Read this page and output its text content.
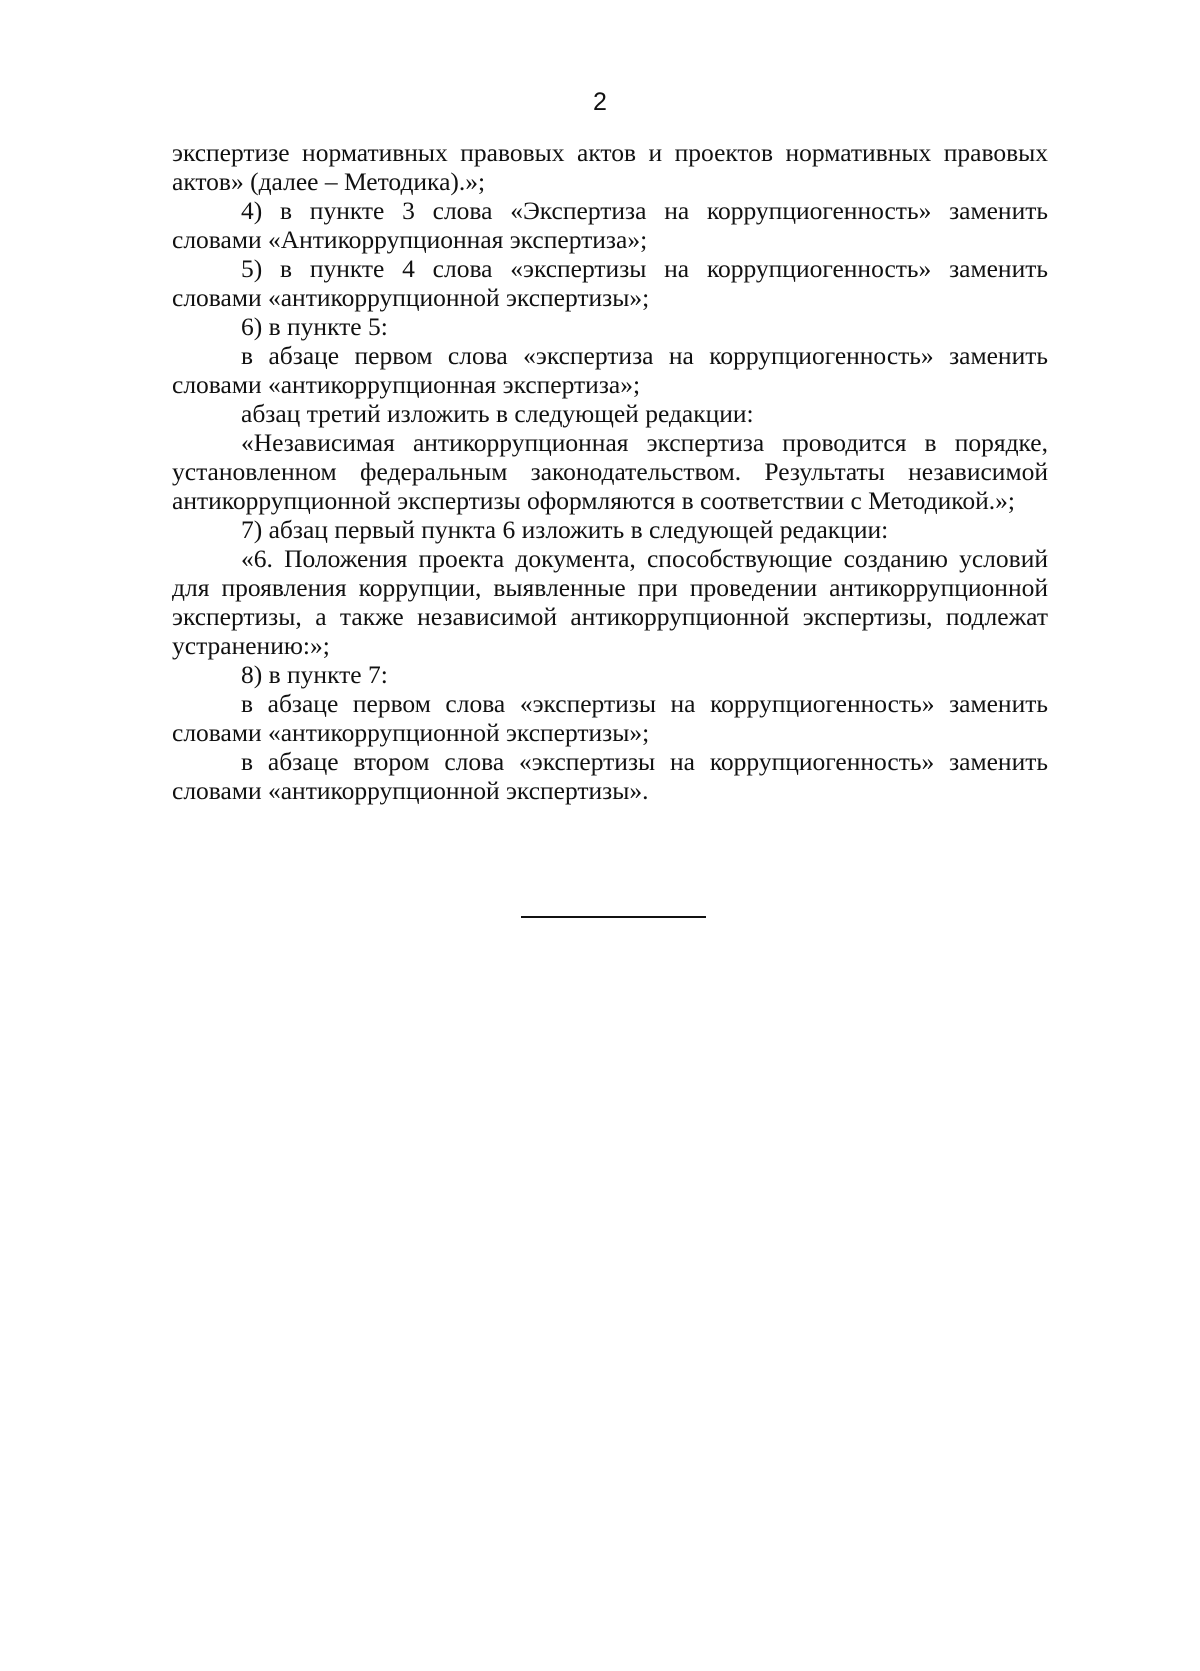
2

экспертизе нормативных правовых актов и проектов нормативных правовых актов» (далее – Методика).»;

4) в пункте 3 слова «Экспертиза на коррупциогенность» заменить словами «Антикоррупционная экспертиза»;

5) в пункте 4 слова «экспертизы на коррупциогенность» заменить словами «антикоррупционной экспертизы»;

6) в пункте 5:

в абзаце первом слова «экспертиза на коррупциогенность» заменить словами «антикоррупционная экспертиза»;

абзац третий изложить в следующей редакции:

«Независимая антикоррупционная экспертиза проводится в порядке, установленном федеральным законодательством. Результаты независимой антикоррупционной экспертизы оформляются в соответствии с Методикой.»;

7) абзац первый пункта 6 изложить в следующей редакции:

«6. Положения проекта документа, способствующие созданию условий для проявления коррупции, выявленные при проведении антикоррупционной экспертизы, а также независимой антикоррупционной экспертизы, подлежат устранению:»;

8) в пункте 7:

в абзаце первом слова «экспертизы на коррупциогенность» заменить словами «антикоррупционной экспертизы»;

в абзаце втором слова «экспертизы на коррупциогенность» заменить словами «антикоррупционной экспертизы».
